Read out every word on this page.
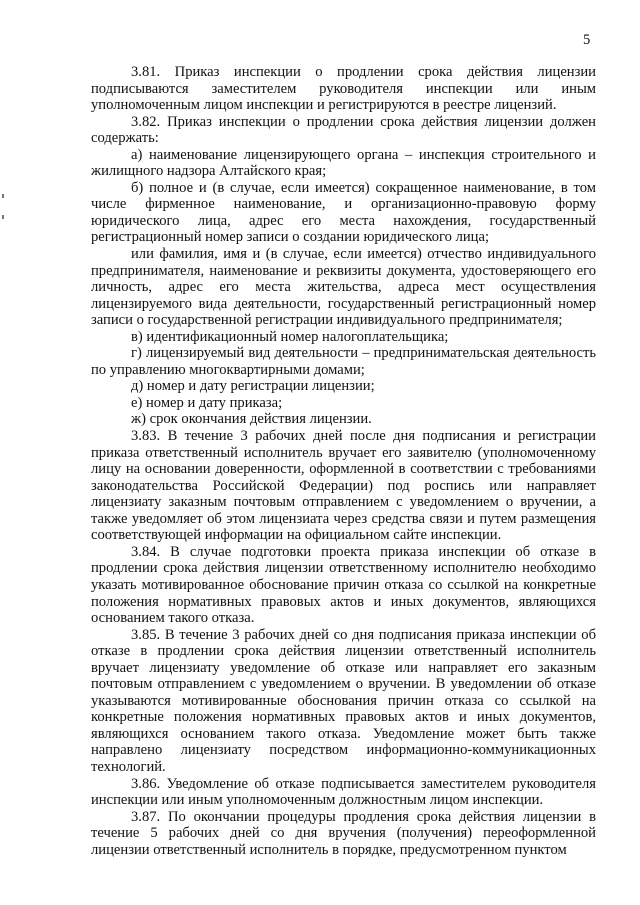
5

3.81. Приказ инспекции о продлении срока действия лицензии подписываются заместителем руководителя инспекции или иным уполномоченным лицом инспекции и регистрируются в реестре лицензий.

3.82. Приказ инспекции о продлении срока действия лицензии должен содержать:

а) наименование лицензирующего органа – инспекция строительного и жилищного надзора Алтайского края;

б) полное и (в случае, если имеется) сокращенное наименование, в том числе фирменное наименование, и организационно-правовую форму юридического лица, адрес его места нахождения, государственный регистрационный номер записи о создании юридического лица;

или фамилия, имя и (в случае, если имеется) отчество индивидуального предпринимателя, наименование и реквизиты документа, удостоверяющего его личность, адрес его места жительства, адреса мест осуществления лицензируемого вида деятельности, государственный регистрационный номер записи о государственной регистрации индивидуального предпринимателя;

в) идентификационный номер налогоплательщика;

г) лицензируемый вид деятельности – предпринимательская деятельность по управлению многоквартирными домами;

д) номер и дату регистрации лицензии;

е) номер и дату приказа;

ж) срок окончания действия лицензии.

3.83. В течение 3 рабочих дней после дня подписания и регистрации приказа ответственный исполнитель вручает его заявителю (уполномоченному лицу на основании доверенности, оформленной в соответствии с требованиями законодательства Российской Федерации) под роспись или направляет лицензиату заказным почтовым отправлением с уведомлением о вручении, а также уведомляет об этом лицензиата через средства связи и путем размещения соответствующей информации на официальном сайте инспекции.

3.84. В случае подготовки проекта приказа инспекции об отказе в продлении срока действия лицензии ответственному исполнителю необходимо указать мотивированное обоснование причин отказа со ссылкой на конкретные положения нормативных правовых актов и иных документов, являющихся основанием такого отказа.

3.85. В течение 3 рабочих дней со дня подписания приказа инспекции об отказе в продлении срока действия лицензии ответственный исполнитель вручает лицензиату уведомление об отказе или направляет его заказным почтовым отправлением с уведомлением о вручении. В уведомлении об отказе указываются мотивированные обоснования причин отказа со ссылкой на конкретные положения нормативных правовых актов и иных документов, являющихся основанием такого отказа. Уведомление может быть также направлено лицензиату посредством информационно-коммуникационных технологий.

3.86. Уведомление об отказе подписывается заместителем руководителя инспекции или иным уполномоченным должностным лицом инспекции.

3.87. По окончании процедуры продления срока действия лицензии в течение 5 рабочих дней со дня вручения (получения) переоформленной лицензии ответственный исполнитель в порядке, предусмотренном пунктом
